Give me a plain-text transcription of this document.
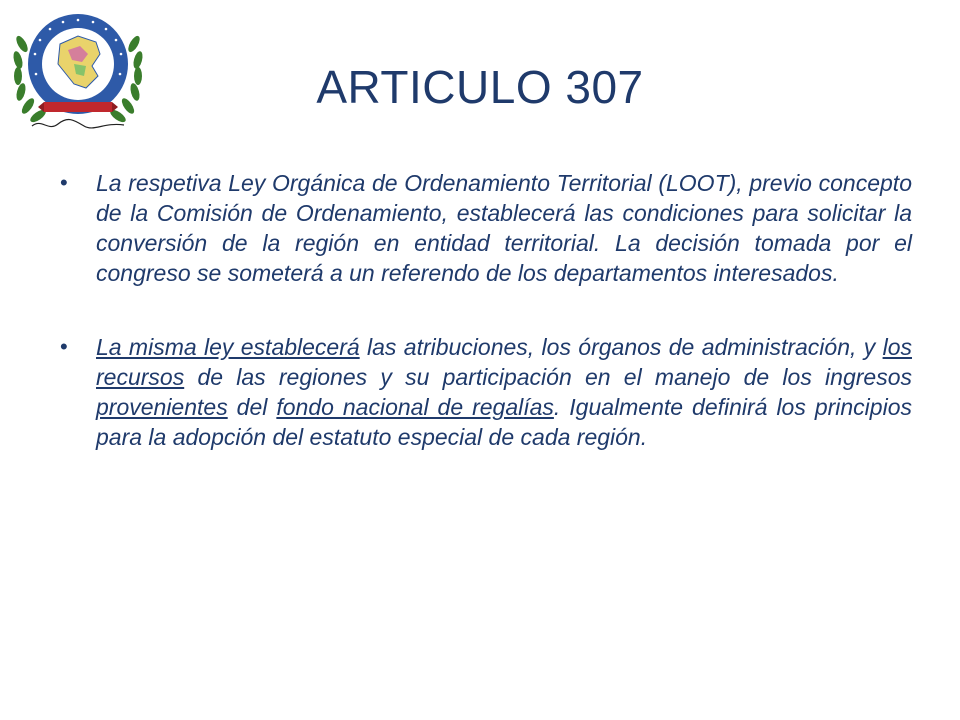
ARTICULO 307
• La respetiva Ley Orgánica de Ordenamiento Territorial (LOOT), previo concepto de la Comisión de Ordenamiento, establecerá las condiciones para solicitar la conversión de la región en entidad territorial. La decisión tomada por el congreso se someterá a un referendo de los departamentos interesados.
• La misma ley establecerá las atribuciones, los órganos de administración, y los recursos de las regiones y su participación en el manejo de los ingresos provenientes del fondo nacional de regalías. Igualmente definirá los principios para la adopción del estatuto especial de cada región.
